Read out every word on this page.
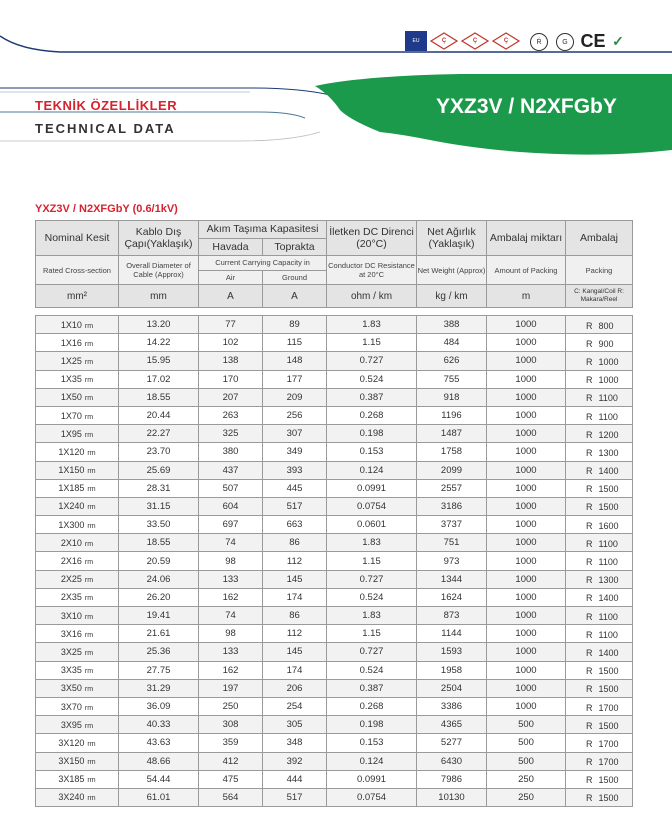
EU	Ç	Ç	Ç	Ŕ	G CE ✓
TEKNİK ÖZELLİKLER
TECHNICAL DATA
YXZ3V / N2XFGbY
YXZ3V / N2XFGbY (0.6/1kV)
Nominal Kesit	Kablo Dış Çapı(Yaklaşık)	Akım Taşıma Kapasitesi		İletken DC Direnci (20°C)	Net Ağırlık (Yaklaşık)	Ambalaj miktarı	Ambalaj
		Havada	Toprakta				
Rated Cross-section	Overall Diameter of Cable (Approx)	Current Carrying Capacity in		Conductor DC Resistance at 20°C	Net Weight (Approx)	Amount of Packing	Packing
		Air	Ground				
mm²	mm	A	A	ohm / km	kg / km	m	C: Kangal/Coil R: Makara/Reel
1X10 rm	13.20	77	89	1.83	388	1000	R 800
1X16 rm	14.22	102	115	1.15	484	1000	R 900
1X25 rm	15.95	138	148	0.727	626	1000	R 1000
1X35 rm	17.02	170	177	0.524	755	1000	R 1000
1X50 rm	18.55	207	209	0.387	918	1000	R 1100
1X70 rm	20.44	263	256	0.268	1196	1000	R 1100
1X95 rm	22.27	325	307	0.198	1487	1000	R 1200
1X120 rm	23.70	380	349	0.153	1758	1000	R 1300
1X150 rm	25.69	437	393	0.124	2099	1000	R 1400
1X185 rm	28.31	507	445	0.0991	2557	1000	R 1500
1X240 rm	31.15	604	517	0.0754	3186	1000	R 1500
1X300 rm	33.50	697	663	0.0601	3737	1000	R 1600
2X10 rm	18.55	74	86	1.83	751	1000	R 1100
2X16 rm	20.59	98	112	1.15	973	1000	R 1100
2X25 rm	24.06	133	145	0.727	1344	1000	R 1300
2X35 rm	26.20	162	174	0.524	1624	1000	R 1400
3X10 rm	19.41	74	86	1.83	873	1000	R 1100
3X16 rm	21.61	98	112	1.15	1144	1000	R 1100
3X25 rm	25.36	133	145	0.727	1593	1000	R 1400
3X35 rm	27.75	162	174	0.524	1958	1000	R 1500
3X50 rm	31.29	197	206	0.387	2504	1000	R 1500
3X70 rm	36.09	250	254	0.268	3386	1000	R 1700
3X95 rm	40.33	308	305	0.198	4365	500	R 1500
3X120 rm	43.63	359	348	0.153	5277	500	R 1700
3X150 rm	48.66	412	392	0.124	6430	500	R 1700
3X185 rm	54.44	475	444	0.0991	7986	250	R 1500
3X240 rm	61.01	564	517	0.0754	10130	250	R 1500
